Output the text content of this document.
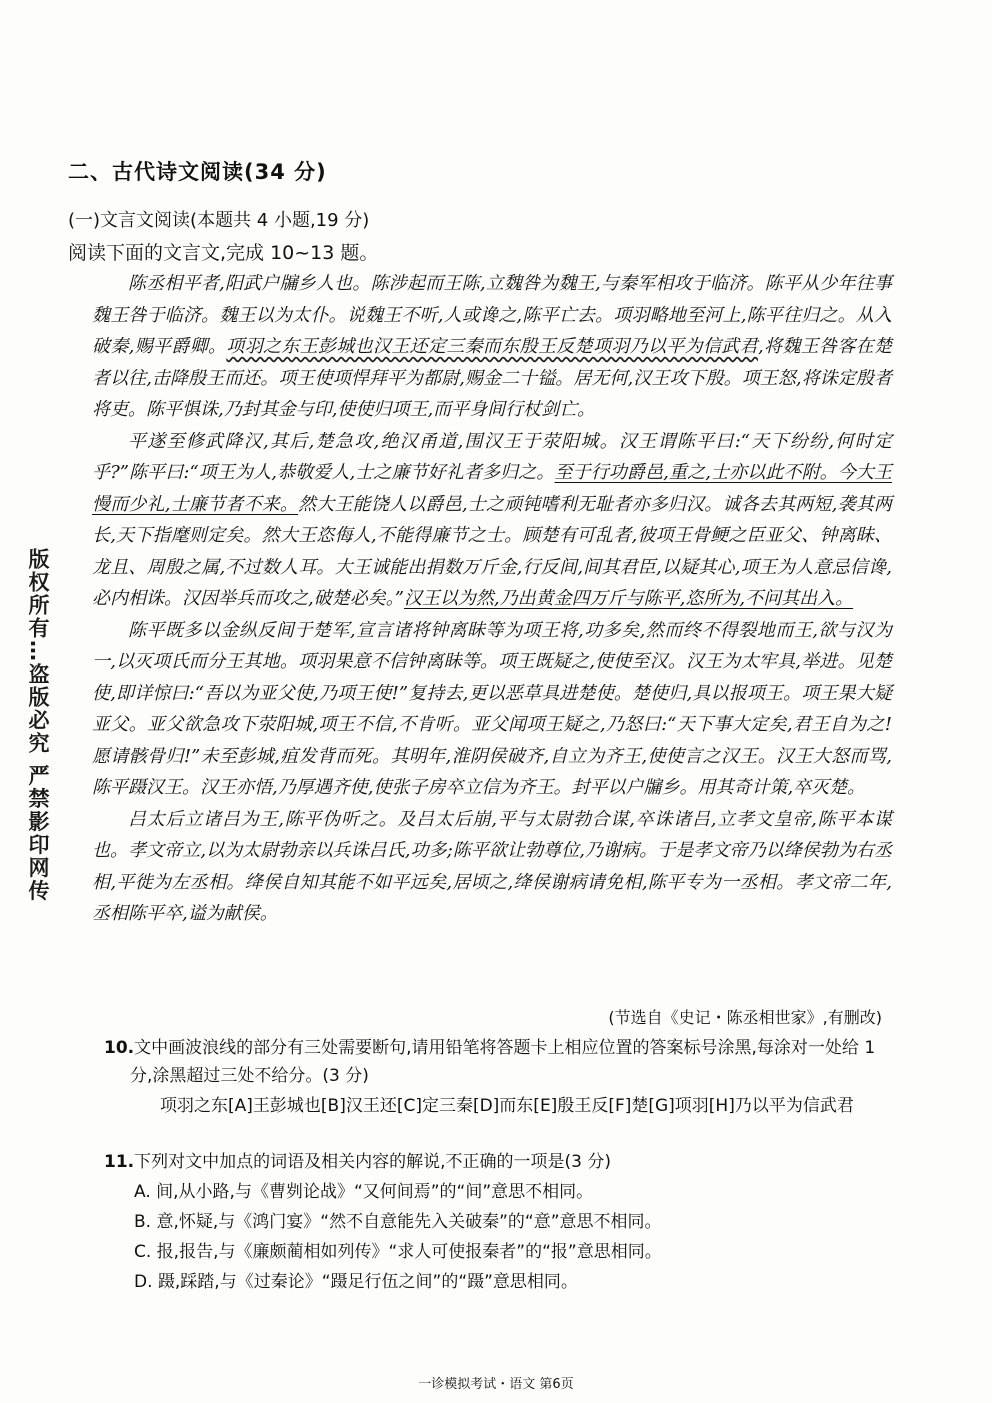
二、古代诗文阅读(34 分)
(一)文言文阅读(本题共 4 小题,19 分)
阅读下面的文言文,完成 10~13 题。

陈丞相平者,阳武户牖乡人也。陈涉起而王陈,立魏咎为魏王,与秦军相攻于临济。陈平从少年往事魏王咎于临济。魏王以为太仆。说魏王不听,人或谗之,陈平亡去。项羽略地至河上,陈平往归之。从入破秦,赐平爵卿。项羽之东王彭城也汉王还定三秦而东殷王反楚项羽乃以平为信武君,将魏王咎客在楚者以往,击降殷王而还。项王使项悍拜平为都尉,赐金二十镒。居无何,汉王攻下殷。项王怒,将诛定殷者将吏。陈平惧诛,乃封其金与印,使使归项王,而平身间行杖剑亡。

平遂至修武降汉,其后,楚急攻,绝汉甬道,围汉王于荥阳城。汉王谓陈平曰:“天下纷纷,何时定乎?”陈平曰:“项王为人,恭敬爱人,士之廉节好礼者多归之。至于行功爵邑,重之,士亦以此不附。今大王慢而少礼,士廉节者不来。然大王能饶人以爵邑,士之顽钝嗜利无耻者亦多归汉。诚各去其两短,袭其两长,天下指麾则定矣。然大王恣侮人,不能得廉节之士。顾楚有可乱者,彼项王骨鲠之臣亚父、钟离眛、龙且、周殷之属,不过数人耳。大王诚能出捐数万斤金,行反间,间其君臣,以疑其心,项王为人意忌信谗,必内相诛。汉因举兵而攻之,破楚必矣。”汉王以为然,乃出黄金四万斤与陈平,恣所为,不问其出入。

陈平既多以金纵反间于楚军,宣言诸将钟离眛等为项王将,功多矣,然而终不得裂地而王,欲与汉为一,以灭项氏而分王其地。项羽果意不信钟离眛等。项王既疑之,使使至汉。汉王为太牢具,举进。见楚使,即详惊曰:“吾以为亚父使,乃项王使!”复持去,更以恶草具进楚使。楚使归,具以报项王。项王果大疑亚父。亚父欲急攻下荥阳城,项王不信,不肯听。亚父闻项王疑之,乃怒曰:“天下事大定矣,君王自为之!愿请骸骨归!”未至彭城,疽发背而死。其明年,淮阴侯破齐,自立为齐王,使使言之汉王。汉王大怒而骂,陈平蹑汉王。汉王亦悟,乃厚遇齐使,使张子房卒立信为齐王。封平以户牖乡。用其奇计策,卒灭楚。

吕太后立诸吕为王,陈平伪听之。及吕太后崩,平与太尉勃合谋,卒诛诸吕,立孝文皇帝,陈平本谋也。孝文帝立,以为太尉勃亲以兵诛吕氏,功多;陈平欲让勃尊位,乃谢病。于是孝文帝乃以绛侯勃为右丞相,平徙为左丞相。绛侯自知其能不如平远矣,居顷之,绛侯谢病请免相,陈平专为一丞相。孝文帝二年,丞相陈平卒,谥为献侯。

(节选自《史记・陈丞相世家》,有删改)

10.文中画波浪线的部分有三处需要断句,请用铅笔将答题卡上相应位置的答案标号涂黑,每涂对一处给 1 分,涂黑超过三处不给分。(3 分)

项羽之东[A]王彭城也[B]汉王还[C]定三秦[D]而东[E]殷王反[F]楚[G]项羽[H]乃以平为信武君

11.下列对文中加点的词语及相关内容的解说,不正确的一项是(3 分)

A. 间,从小路,与《曹刿论战》“又何间焉”的“间”意思不相同。

B. 意,怀疑,与《鸿门宴》“然不自意能先入关破秦”的“意”意思不相同。

C. 报,报告,与《廉颇蔺相如列传》“求人可使报秦者”的“报”意思相同。

D. 蹑,踩踏,与《过秦论》“蹑足行伍之间”的“蹑”意思相同。

版权所有…盗版必究 严禁影印网传
一诊模拟考试・语文 第6页
